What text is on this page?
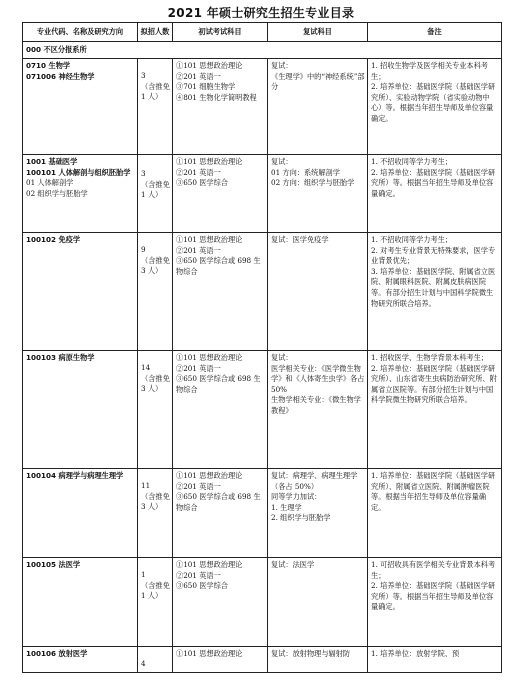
2021 年硕士研究生招生专业目录
专业代码、名称及研究方向	拟招人数	初试考试科目	复试科目	备注
000 不区分报系所				

0710 生物学
071006 神经生物学	3
（含推免
1 人）	①101 思想政治理论
②201 英语一
③701 细胞生物学
④801 生物化学简明教程	复试：
《生理学》中的“神经系统”部分	1. 招收生物学及医学相关专业本科考生；
2. 培养单位：基础医学院（基础医学研究所）、实验动物学院（省实验动物中心）等。根据当年招生导师及单位容量确定。

1001 基础医学
100101 人体解剖与组织胚胎学
01 人体解剖学
02 组织学与胚胎学	3
（含推免
1 人）	①101 思想政治理论
②201 英语一
③650 医学综合	复试：
01 方向：系统解剖学
02 方向：组织学与胚胎学	1. 不招收同等学力考生；
2. 培养单位：基础医学院（基础医学研究所）等。根据当年招生导师及单位容量确定。

100102 免疫学	9
（含推免
3 人）	①101 思想政治理论
②201 英语一
③650 医学综合或 698 生物综合	复试：医学免疫学	1. 不招收同等学力考生；
2. 对考生专业背景无特殊要求，医学专业背景优先；
3. 培养单位：基础医学院、附属省立医院、附属眼科医院、附属皮肤病医院等。有部分招生计划与中国科学院微生物研究所联合培养。

100103 病原生物学	14
（含推免
3 人）	①101 思想政治理论
②201 英语一
③650 医学综合或 698 生物综合	复试：
医学相关专业：《医学微生物学》和《人体寄生虫学》各占 50%
生物学相关专业：《微生物学教程》	1. 招收医学、生物学背景本科考生；
2. 培养单位：基础医学院（基础医学研究所）、山东省寄生虫病防治研究所、附属省立医院等。有部分招生计划与中国科学院微生物研究所联合培养。

100104 病理学与病理生理学	11
（含推免
3 人）	①101 思想政治理论
②201 英语一
③650 医学综合或 698 生物综合	复试：病理学、病理生理学
（各占 50%）
同等学力加试：
1. 生理学
2. 组织学与胚胎学	1. 培养单位：基础医学院（基础医学研究所）、附属省立医院、附属肿瘤医院等。根据当年招生导师及单位容量确定。

100105 法医学	1
（含推免
1 人）	①101 思想政治理论
②201 英语一
③650 医学综合	复试：法医学	1. 可招收具有医学相关专业背景本科考生；
2. 培养单位：基础医学院（基础医学研究所）等。根据当年招生导师及单位容量确定。

100106 放射医学	4	①101 思想政治理论	复试：放射物理与辐射防	1. 培养单位：放射学院、预
